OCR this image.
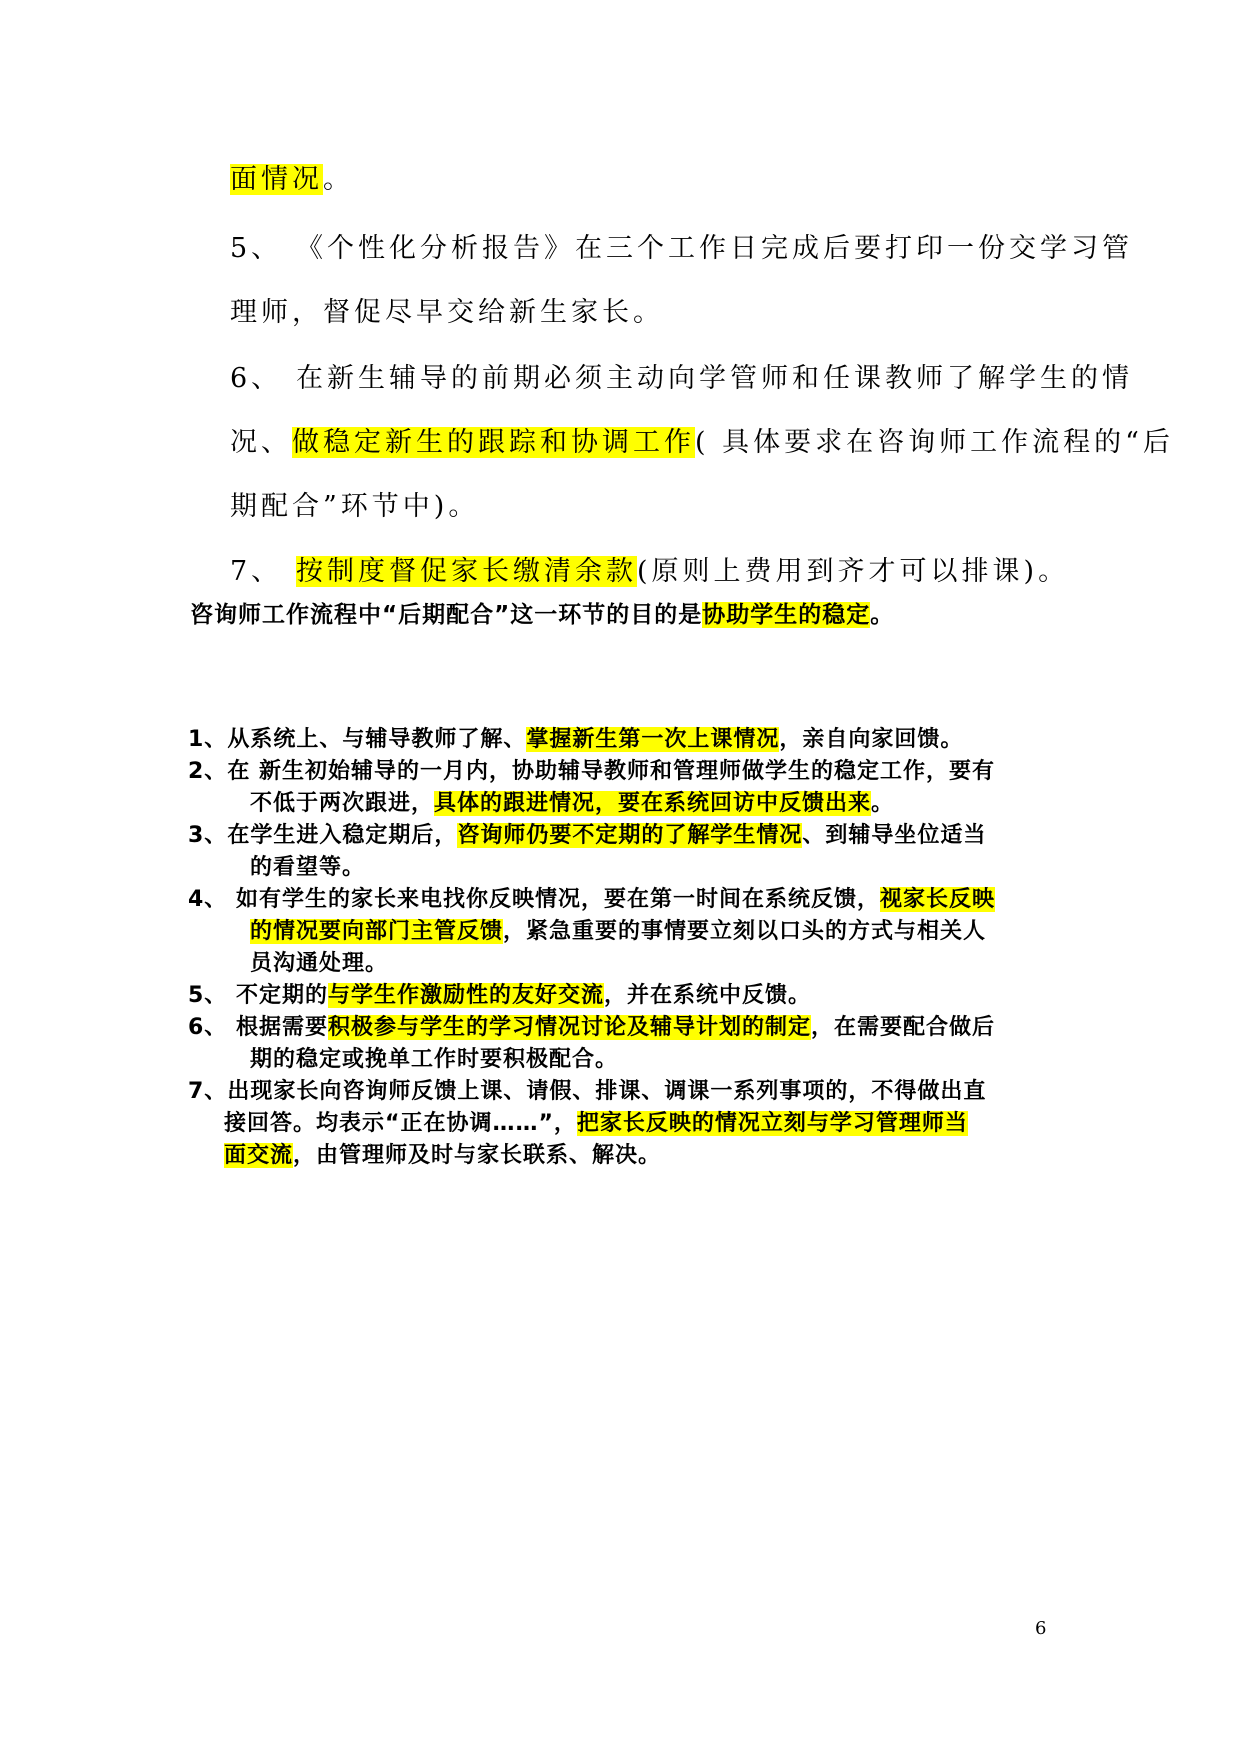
面情况。
5、 《个性化分析报告》在三个工作日完成后要打印一份交学习管
理师，督促尽早交给新生家长。
6、 在新生辅导的前期必须主动向学管师和任课教师了解学生的情
况、做稳定新生的跟踪和协调工作( 具体要求在咨询师工作流程的“后
期配合”环节中)。
7、 按制度督促家长缴清余款(原则上费用到齐才可以排课)。
咨询师工作流程中“后期配合”这一环节的目的是协助学生的稳定。
1、从系统上、与辅导教师了解、掌握新生第一次上课情况，亲自向家回馈。
2、在 新生初始辅导的一月内，协助辅导教师和管理师做学生的稳定工作，要有
不低于两次跟进，具体的跟进情况，要在系统回访中反馈出来。
3、在学生进入稳定期后，咨询师仍要不定期的了解学生情况、到辅导坐位适当
的看望等。
4、 如有学生的家长来电找你反映情况，要在第一时间在系统反馈，视家长反映
的情况要向部门主管反馈，紧急重要的事情要立刻以口头的方式与相关人
员沟通处理。
5、 不定期的与学生作激励性的友好交流，并在系统中反馈。
6、 根据需要积极参与学生的学习情况讨论及辅导计划的制定，在需要配合做后
期的稳定或挽单工作时要积极配合。
7、出现家长向咨询师反馈上课、请假、排课、调课一系列事项的，不得做出直
接回答。均表示“正在协调……”，把家长反映的情况立刻与学习管理师当
面交流，由管理师及时与家长联系、解决。
6
